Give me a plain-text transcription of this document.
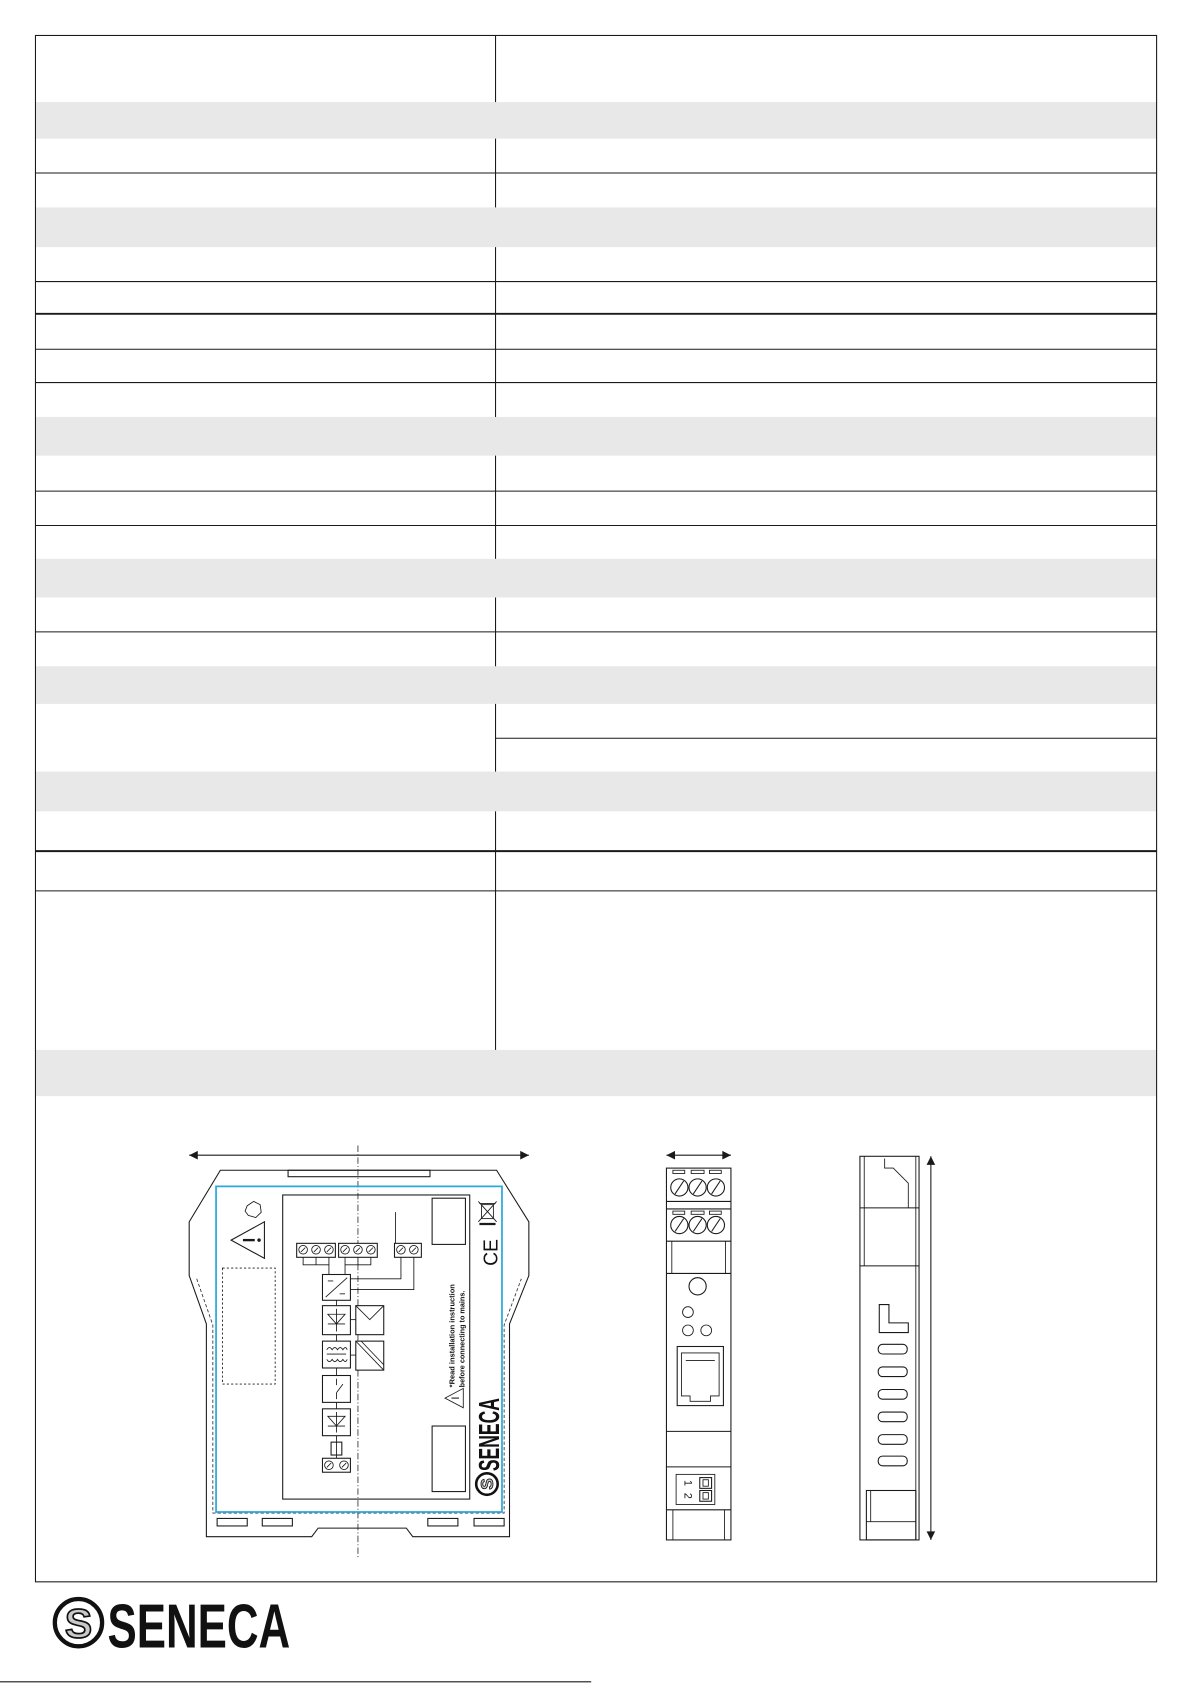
CE
*Read installation instruction before connecting to mains.
S
SENECA
1
2
S SENECA
